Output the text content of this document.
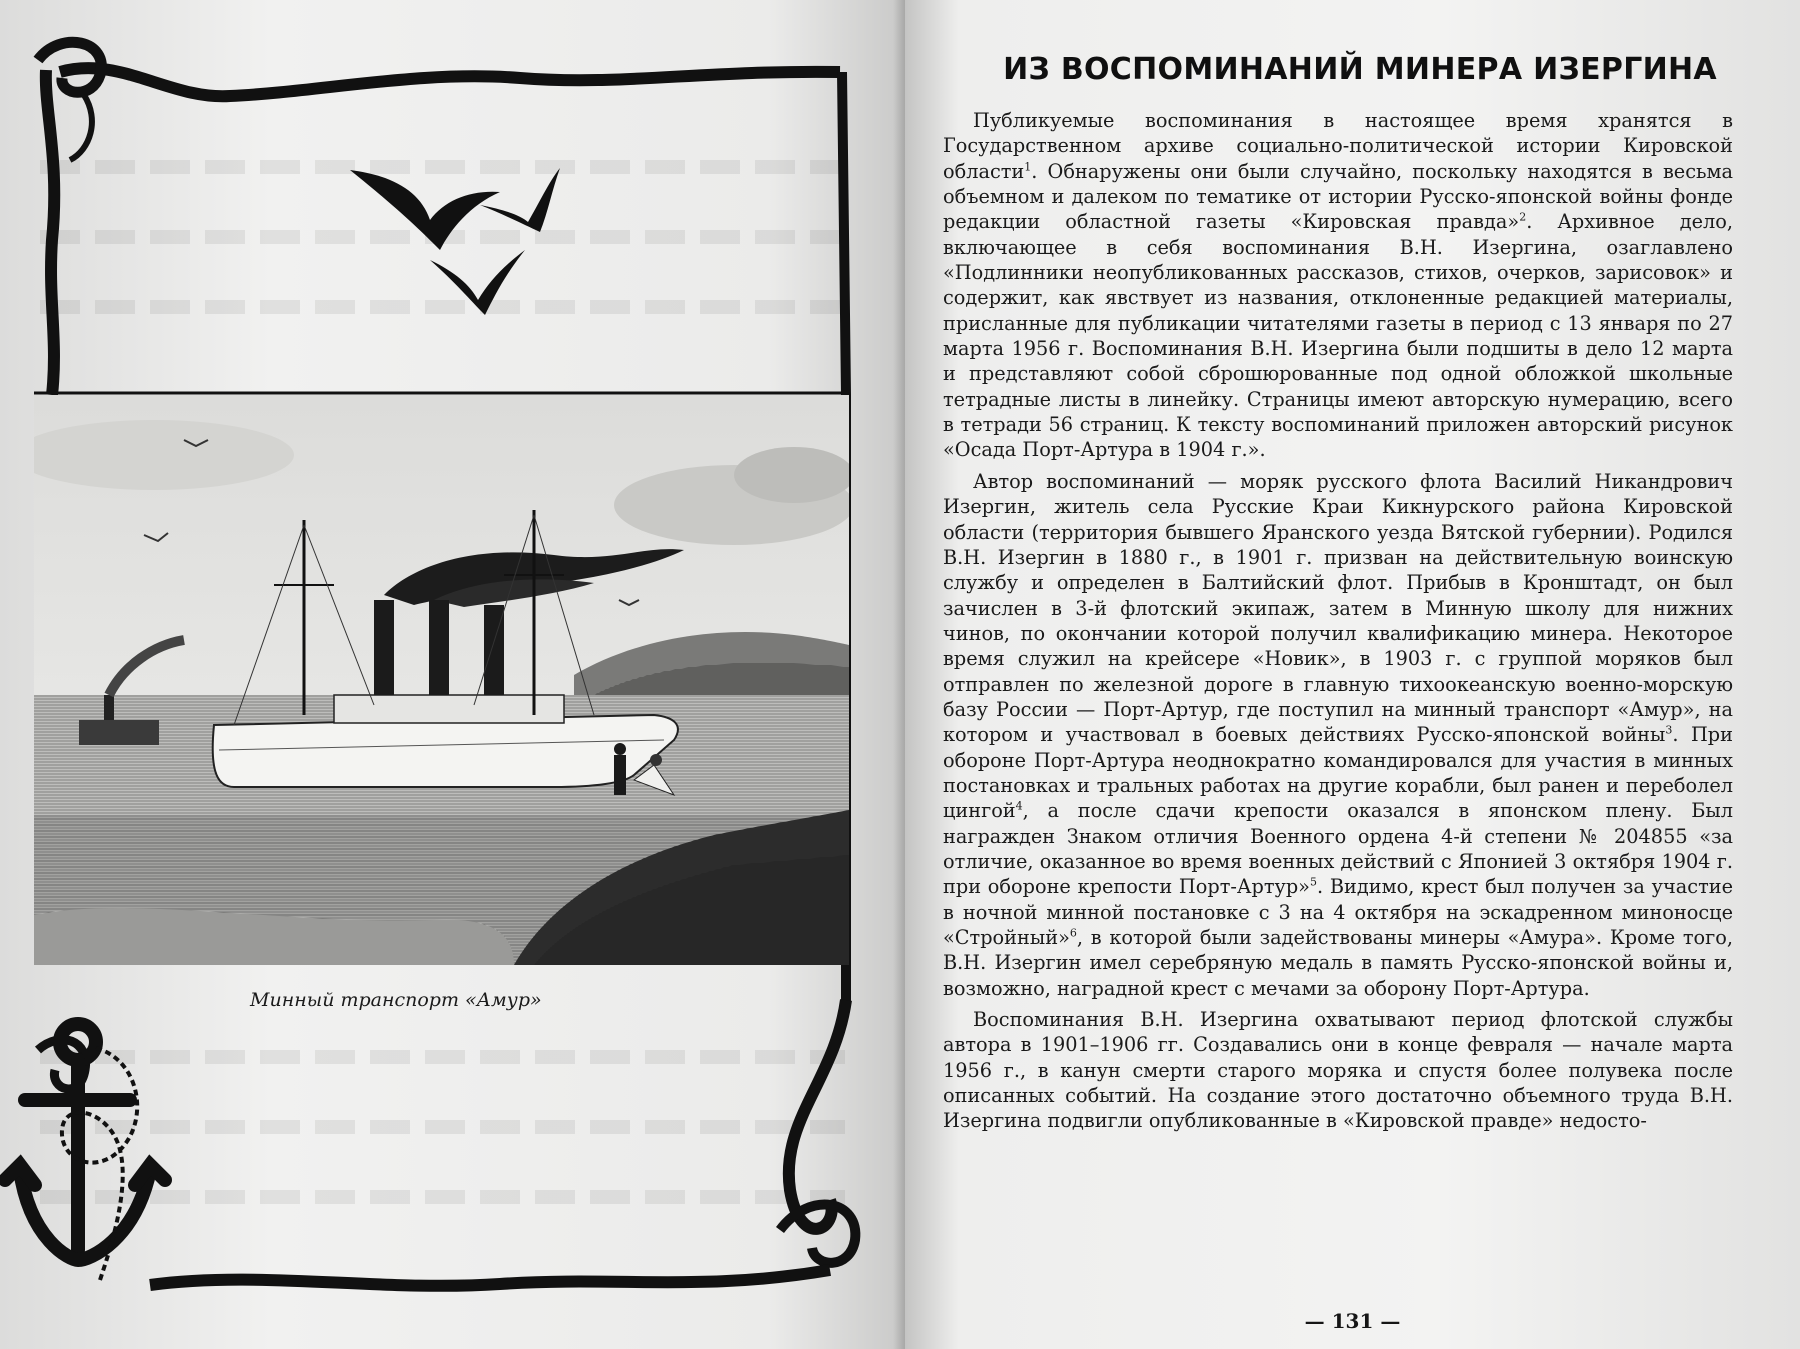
Минный транспорт «Амур»
ИЗ ВОСПОМИНАНИЙ МИНЕРА ИЗЕРГИНА

Публикуемые воспоминания в настоящее время хранятся в Государственном архиве социально-политической истории Кировской области$^1$. Обнаружены они были случайно, поскольку находятся в весьма объемном и далеком по тематике от истории Русско-японской войны фонде редакции областной газеты «Кировская правда»$^2$. Архивное дело, включающее в себя воспоминания В.Н. Изергина, озаглавлено «Подлинники неопубликованных рассказов, стихов, очерков, зарисовок» и содержит, как явствует из названия, отклоненные редакцией материалы, присланные для публикации читателями газеты в период с 13 января по 27 марта 1956 г. Воспоминания В.Н. Изергина были подшиты в дело 12 марта и представляют собой сброшюрованные под одной обложкой школьные тетрадные листы в линейку. Страницы имеют авторскую нумерацию, всего в тетради 56 страниц. К тексту воспоминаний приложен авторский рисунок «Осада Порт-Артура в 1904 г.».

Автор воспоминаний — моряк русского флота Василий Никандрович Изергин, житель села Русские Краи Кикнурского района Кировской области (территория бывшего Яранского уезда Вятской губернии). Родился В.Н. Изергин в 1880 г., в 1901 г. призван на действительную воинскую службу и определен в Балтийский флот. Прибыв в Кронштадт, он был зачислен в 3-й флотский экипаж, затем в Минную школу для нижних чинов, по окончании которой получил квалификацию минера. Некоторое время служил на крейсере «Новик», в 1903 г. с группой моряков был отправлен по железной дороге в главную тихоокеанскую военно-морскую базу России — Порт-Артур, где поступил на минный транспорт «Амур», на котором и участвовал в боевых действиях Русско-японской войны$^3$. При обороне Порт-Артура неоднократно командировался для участия в минных постановках и тральных работах на другие корабли, был ранен и переболел цингой$^4$, а после сдачи крепости оказался в японском плену. Был награжден Знаком отличия Военного ордена 4-й степени № 204855 «за отличие, оказанное во время военных действий с Японией 3 октября 1904 г. при обороне крепости Порт-Артур»$^5$. Видимо, крест был получен за участие в ночной минной постановке с 3 на 4 октября на эскадренном миноносце «Стройный»$^6$, в которой были задействованы минеры «Амура». Кроме того, В.Н. Изергин имел серебряную медаль в память Русско-японской войны и, возможно, наградной крест с мечами за оборону Порт-Артура.

Воспоминания В.Н. Изергина охватывают период флотской службы автора в 1901–1906 гг. Создавались они в конце февраля — начале марта 1956 г., в канун смерти старого моряка и спустя более полувека после описанных событий. На создание этого достаточно объемного труда В.Н. Изергина подвигли опубликованные в «Кировской правде» недосто-

— 131 —
